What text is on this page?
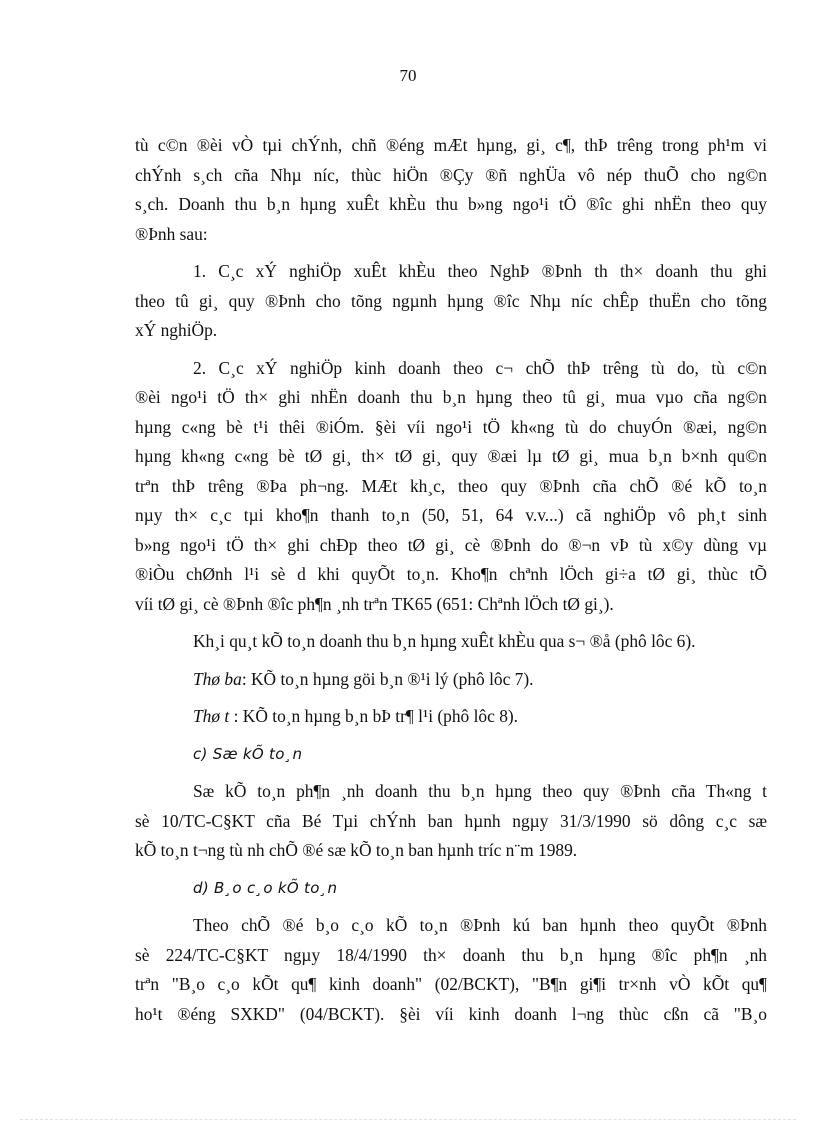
70
tù c©n ®èi vÒ tµi chÝnh, chñ ®éng mÆt hµng, gi¸ c¶, thÞ trêng trong ph¹m vi
chÝnh s¸ch cña Nhµ níc, thùc hiÖn ®Çy ®ñ nghÜa vô nép thuÕ cho ng©n
s¸ch. Doanh thu b¸n hµng xuÊt khÈu thu b»ng ngo¹i tÖ ®îc ghi nhËn theo quy
®Þnh sau:
1. C¸c xÝ nghiÖp xuÊt khÈu theo NghÞ ®Þnh th th× doanh thu ghi
theo tû gi¸ quy ®Þnh cho tõng ngµnh hµng ®îc Nhµ níc chÊp thuËn cho tõng
xÝ nghiÖp.
2. C¸c xÝ nghiÖp kinh doanh theo c¬ chÕ thÞ trêng tù do, tù c©n
®èi ngo¹i tÖ th× ghi nhËn doanh thu b¸n hµng theo tû gi¸ mua vµo cña ng©n
hµng c«ng bè t¹i thêi ®iÓm. §èi víi ngo¹i tÖ kh«ng tù do chuyÓn ®æi, ng©n
hµng kh«ng c«ng bè tØ gi¸ th× tØ gi¸ quy ®æi lµ tØ gi¸ mua b¸n b×nh qu©n
trªn thÞ trêng ®Þa ph¬ng. MÆt kh¸c, theo quy ®Þnh cña chÕ ®é kÕ to¸n
nµy th× c¸c tµi kho¶n thanh to¸n (50, 51, 64 v.v...) cã nghiÖp vô ph¸t sinh
b»ng ngo¹i tÖ th× ghi chÐp theo tØ gi¸ cè ®Þnh do ®¬n vÞ tù x©y dùng vµ
®iÒu chØnh l¹i sè d khi quyÕt to¸n. Kho¶n chªnh lÖch gi÷a tØ gi¸ thùc tÕ
víi tØ gi¸ cè ®Þnh ®îc ph¶n ¸nh trªn TK65 (651: Chªnh lÖch tØ gi¸).
Kh¸i qu¸t kÕ to¸n doanh thu b¸n hµng xuÊt khÈu qua s¬ ®å (phô lôc 6).
Thø ba: KÕ to¸n hµng göi b¸n ®¹i lý (phô lôc 7).
Thø t : KÕ to¸n hµng b¸n bÞ tr¶ l¹i (phô lôc 8).
c) Sæ kÕ to¸n
Sæ kÕ to¸n ph¶n ¸nh doanh thu b¸n hµng theo quy ®Þnh cña Th«ng t
sè 10/TC-C§KT cña Bé Tµi chÝnh ban hµnh ngµy 31/3/1990 sö dông c¸c sæ
kÕ to¸n t¬ng tù nh chÕ ®é sæ kÕ to¸n ban hµnh tríc n¨m 1989.
d) B¸o c¸o kÕ to¸n
Theo chÕ ®é b¸o c¸o kÕ to¸n ®Þnh kú ban hµnh theo quyÕt ®Þnh
sè 224/TC-C§KT ngµy 18/4/1990 th× doanh thu b¸n hµng ®îc ph¶n ¸nh
trªn "B¸o c¸o kÕt qu¶ kinh doanh" (02/BCKT), "B¶n gi¶i tr×nh vÒ kÕt qu¶
ho¹t ®éng SXKD" (04/BCKT). §èi víi kinh doanh l¬ng thùc cßn cã "B¸o
